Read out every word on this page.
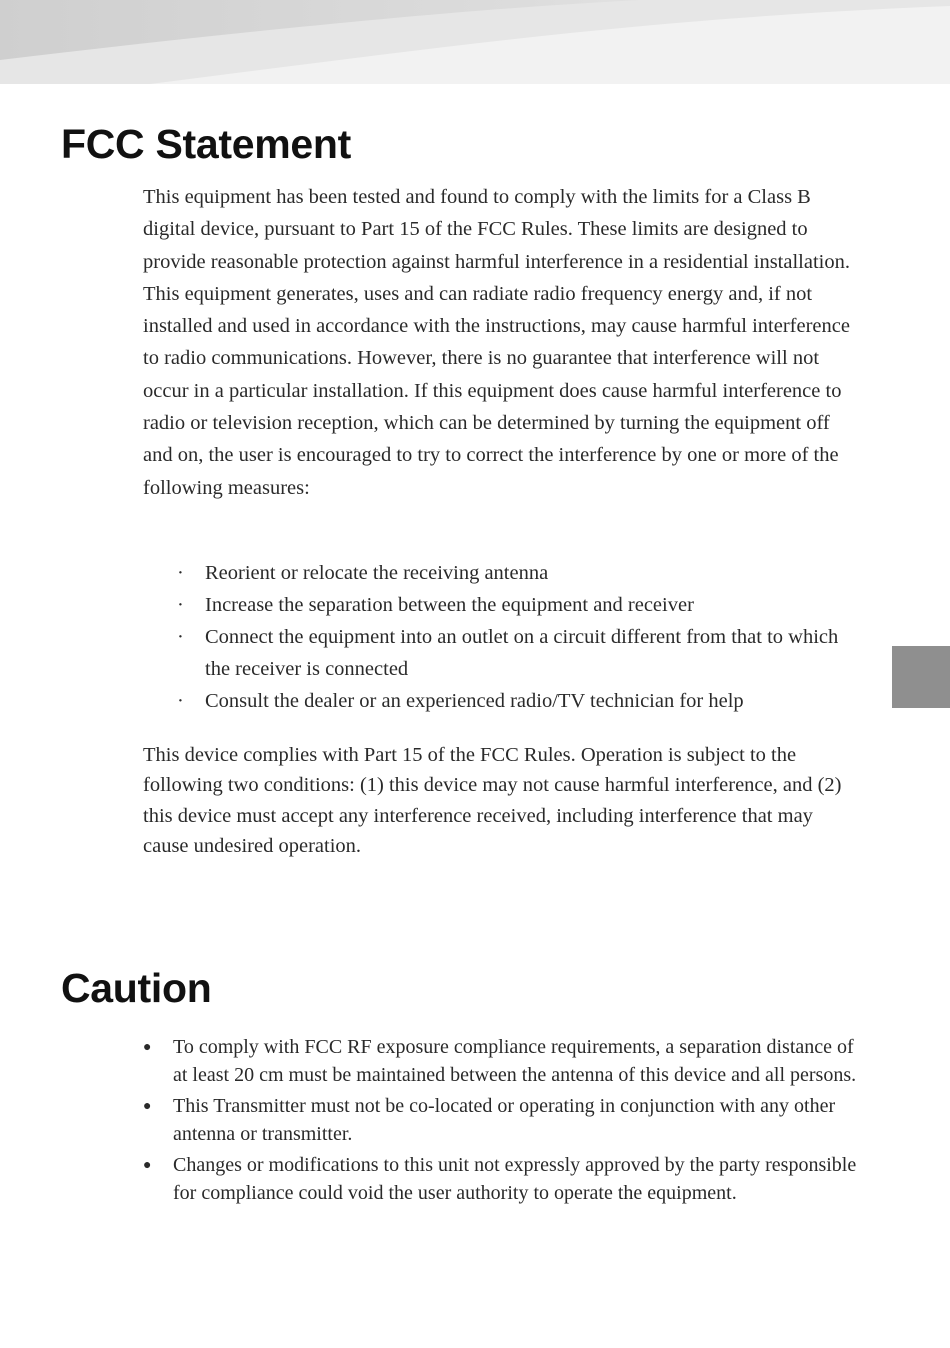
FCC Statement

This equipment has been tested and found to comply with the limits for a Class B digital device, pursuant to Part 15 of the FCC Rules. These limits are designed to provide reasonable protection against harmful interference in a residential installation. This equipment generates, uses and can radiate radio frequency energy and, if not installed and used in accordance with the instructions, may cause harmful interference to radio communications. However, there is no guarantee that interference will not occur in a particular installation. If this equipment does cause harmful interference to radio or television reception, which can be determined by turning the equipment off and on, the user is encouraged to try to correct the interference by one or more of the following measures:

· Reorient or relocate the receiving antenna
· Increase the separation between the equipment and receiver
· Connect the equipment into an outlet on a circuit different from that to which the receiver is connected
· Consult the dealer or an experienced radio/TV technician for help

This device complies with Part 15 of the FCC Rules. Operation is subject to the following two conditions: (1) this device may not cause harmful interference, and (2) this device must accept any interference received, including interference that may cause undesired operation.

Caution
● To comply with FCC RF exposure compliance requirements, a separation distance of at least 20 cm must be maintained between the antenna of this device and all persons.
● This Transmitter must not be co-located or operating in conjunction with any other antenna or transmitter.
● Changes or modifications to this unit not expressly approved by the party responsible for compliance could void the user authority to operate the equipment.
